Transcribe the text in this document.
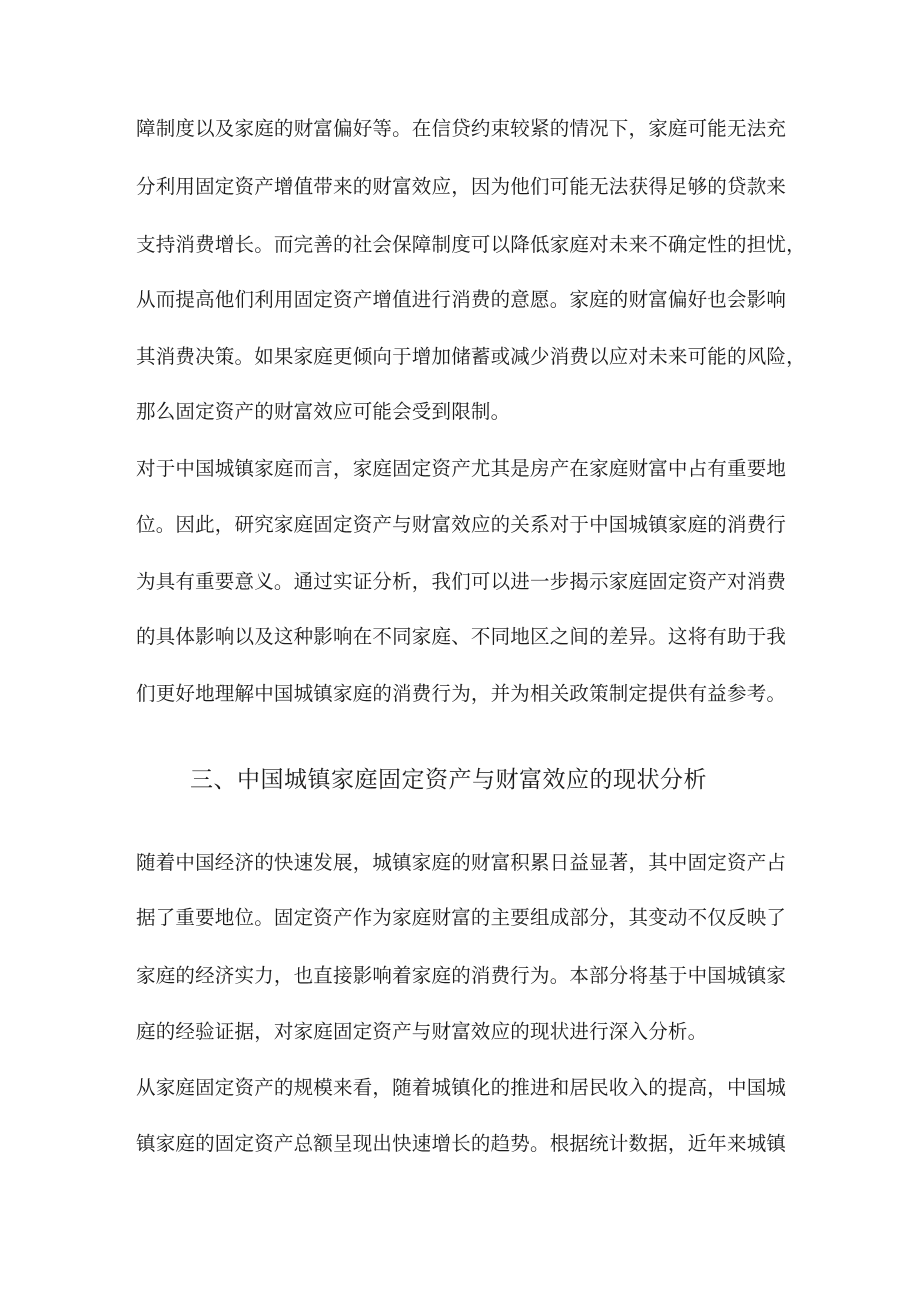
障制度以及家庭的财富偏好等。在信贷约束较紧的情况下，家庭可能无法充
分利用固定资产增值带来的财富效应，因为他们可能无法获得足够的贷款来
支持消费增长。而完善的社会保障制度可以降低家庭对未来不确定性的担忧，
从而提高他们利用固定资产增值进行消费的意愿。家庭的财富偏好也会影响
其消费决策。如果家庭更倾向于增加储蓄或减少消费以应对未来可能的风险，
那么固定资产的财富效应可能会受到限制。
对于中国城镇家庭而言，家庭固定资产尤其是房产在家庭财富中占有重要地
位。因此，研究家庭固定资产与财富效应的关系对于中国城镇家庭的消费行
为具有重要意义。通过实证分析，我们可以进一步揭示家庭固定资产对消费
的具体影响以及这种影响在不同家庭、不同地区之间的差异。这将有助于我
们更好地理解中国城镇家庭的消费行为，并为相关政策制定提供有益参考。
三、中国城镇家庭固定资产与财富效应的现状分析
随着中国经济的快速发展，城镇家庭的财富积累日益显著，其中固定资产占
据了重要地位。固定资产作为家庭财富的主要组成部分，其变动不仅反映了
家庭的经济实力，也直接影响着家庭的消费行为。本部分将基于中国城镇家
庭的经验证据，对家庭固定资产与财富效应的现状进行深入分析。
从家庭固定资产的规模来看，随着城镇化的推进和居民收入的提高，中国城
镇家庭的固定资产总额呈现出快速增长的趋势。根据统计数据，近年来城镇
